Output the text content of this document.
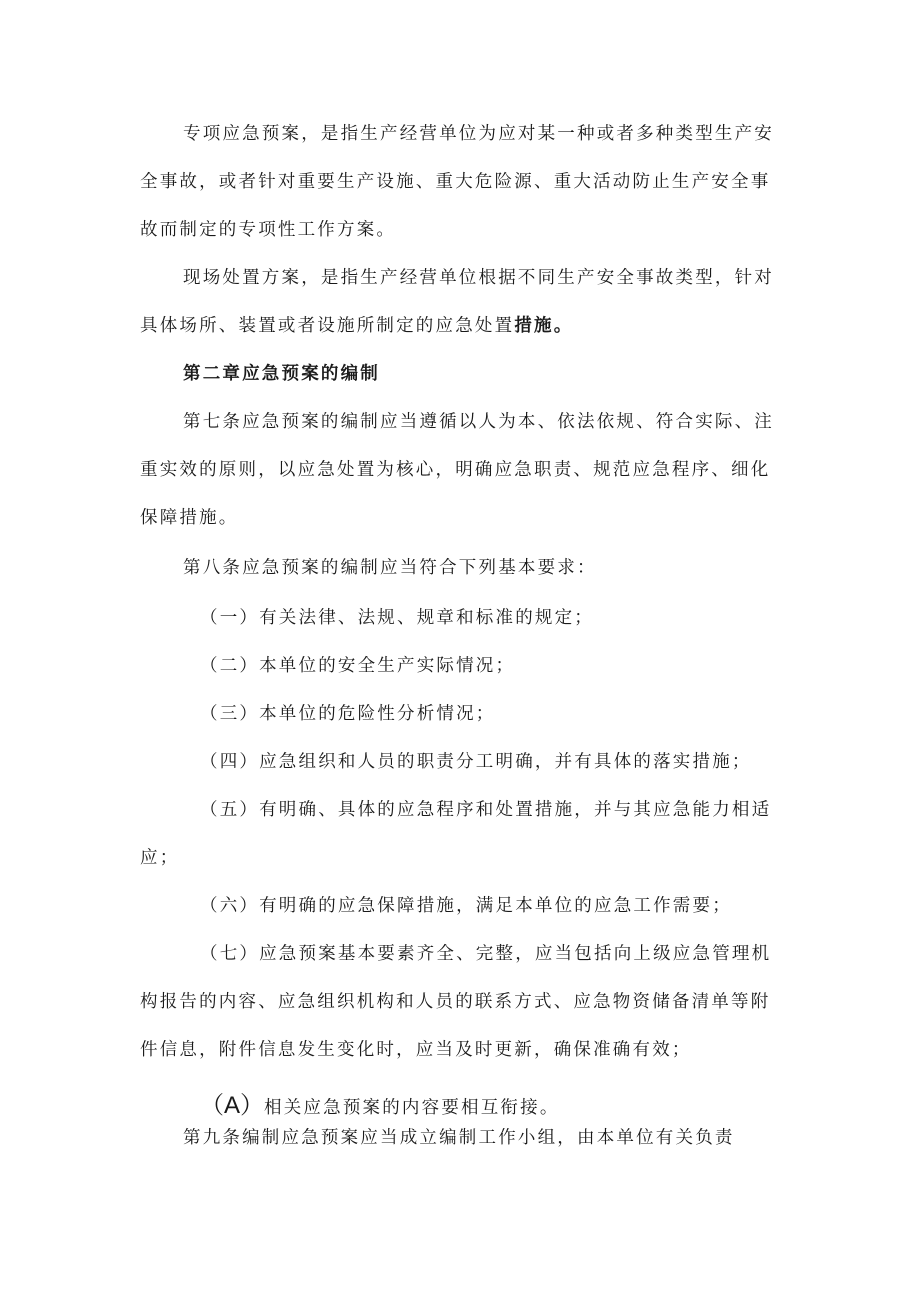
专项应急预案，是指生产经营单位为应对某一种或者多种类型生产安

全事故，或者针对重要生产设施、重大危险源、重大活动防止生产安全事

故而制定的专项性工作方案。

现场处置方案，是指生产经营单位根据不同生产安全事故类型，针对

具体场所、装置或者设施所制定的应急处置措施。

第二章应急预案的编制

第七条应急预案的编制应当遵循以人为本、依法依规、符合实际、注

重实效的原则，以应急处置为核心，明确应急职责、规范应急程序、细化

保障措施。

第八条应急预案的编制应当符合下列基本要求：

（一）有关法律、法规、规章和标准的规定；

（二）本单位的安全生产实际情况；

（三）本单位的危险性分析情况；

（四）应急组织和人员的职责分工明确，并有具体的落实措施；

（五）有明确、具体的应急程序和处置措施，并与其应急能力相适

应；

（六）有明确的应急保障措施，满足本单位的应急工作需要；

（七）应急预案基本要素齐全、完整，应当包括向上级应急管理机

构报告的内容、应急组织机构和人员的联系方式、应急物资储备清单等附

件信息，附件信息发生变化时，应当及时更新，确保准确有效；

（A）相关应急预案的内容要相互衔接。

第九条编制应急预案应当成立编制工作小组，由本单位有关负责
